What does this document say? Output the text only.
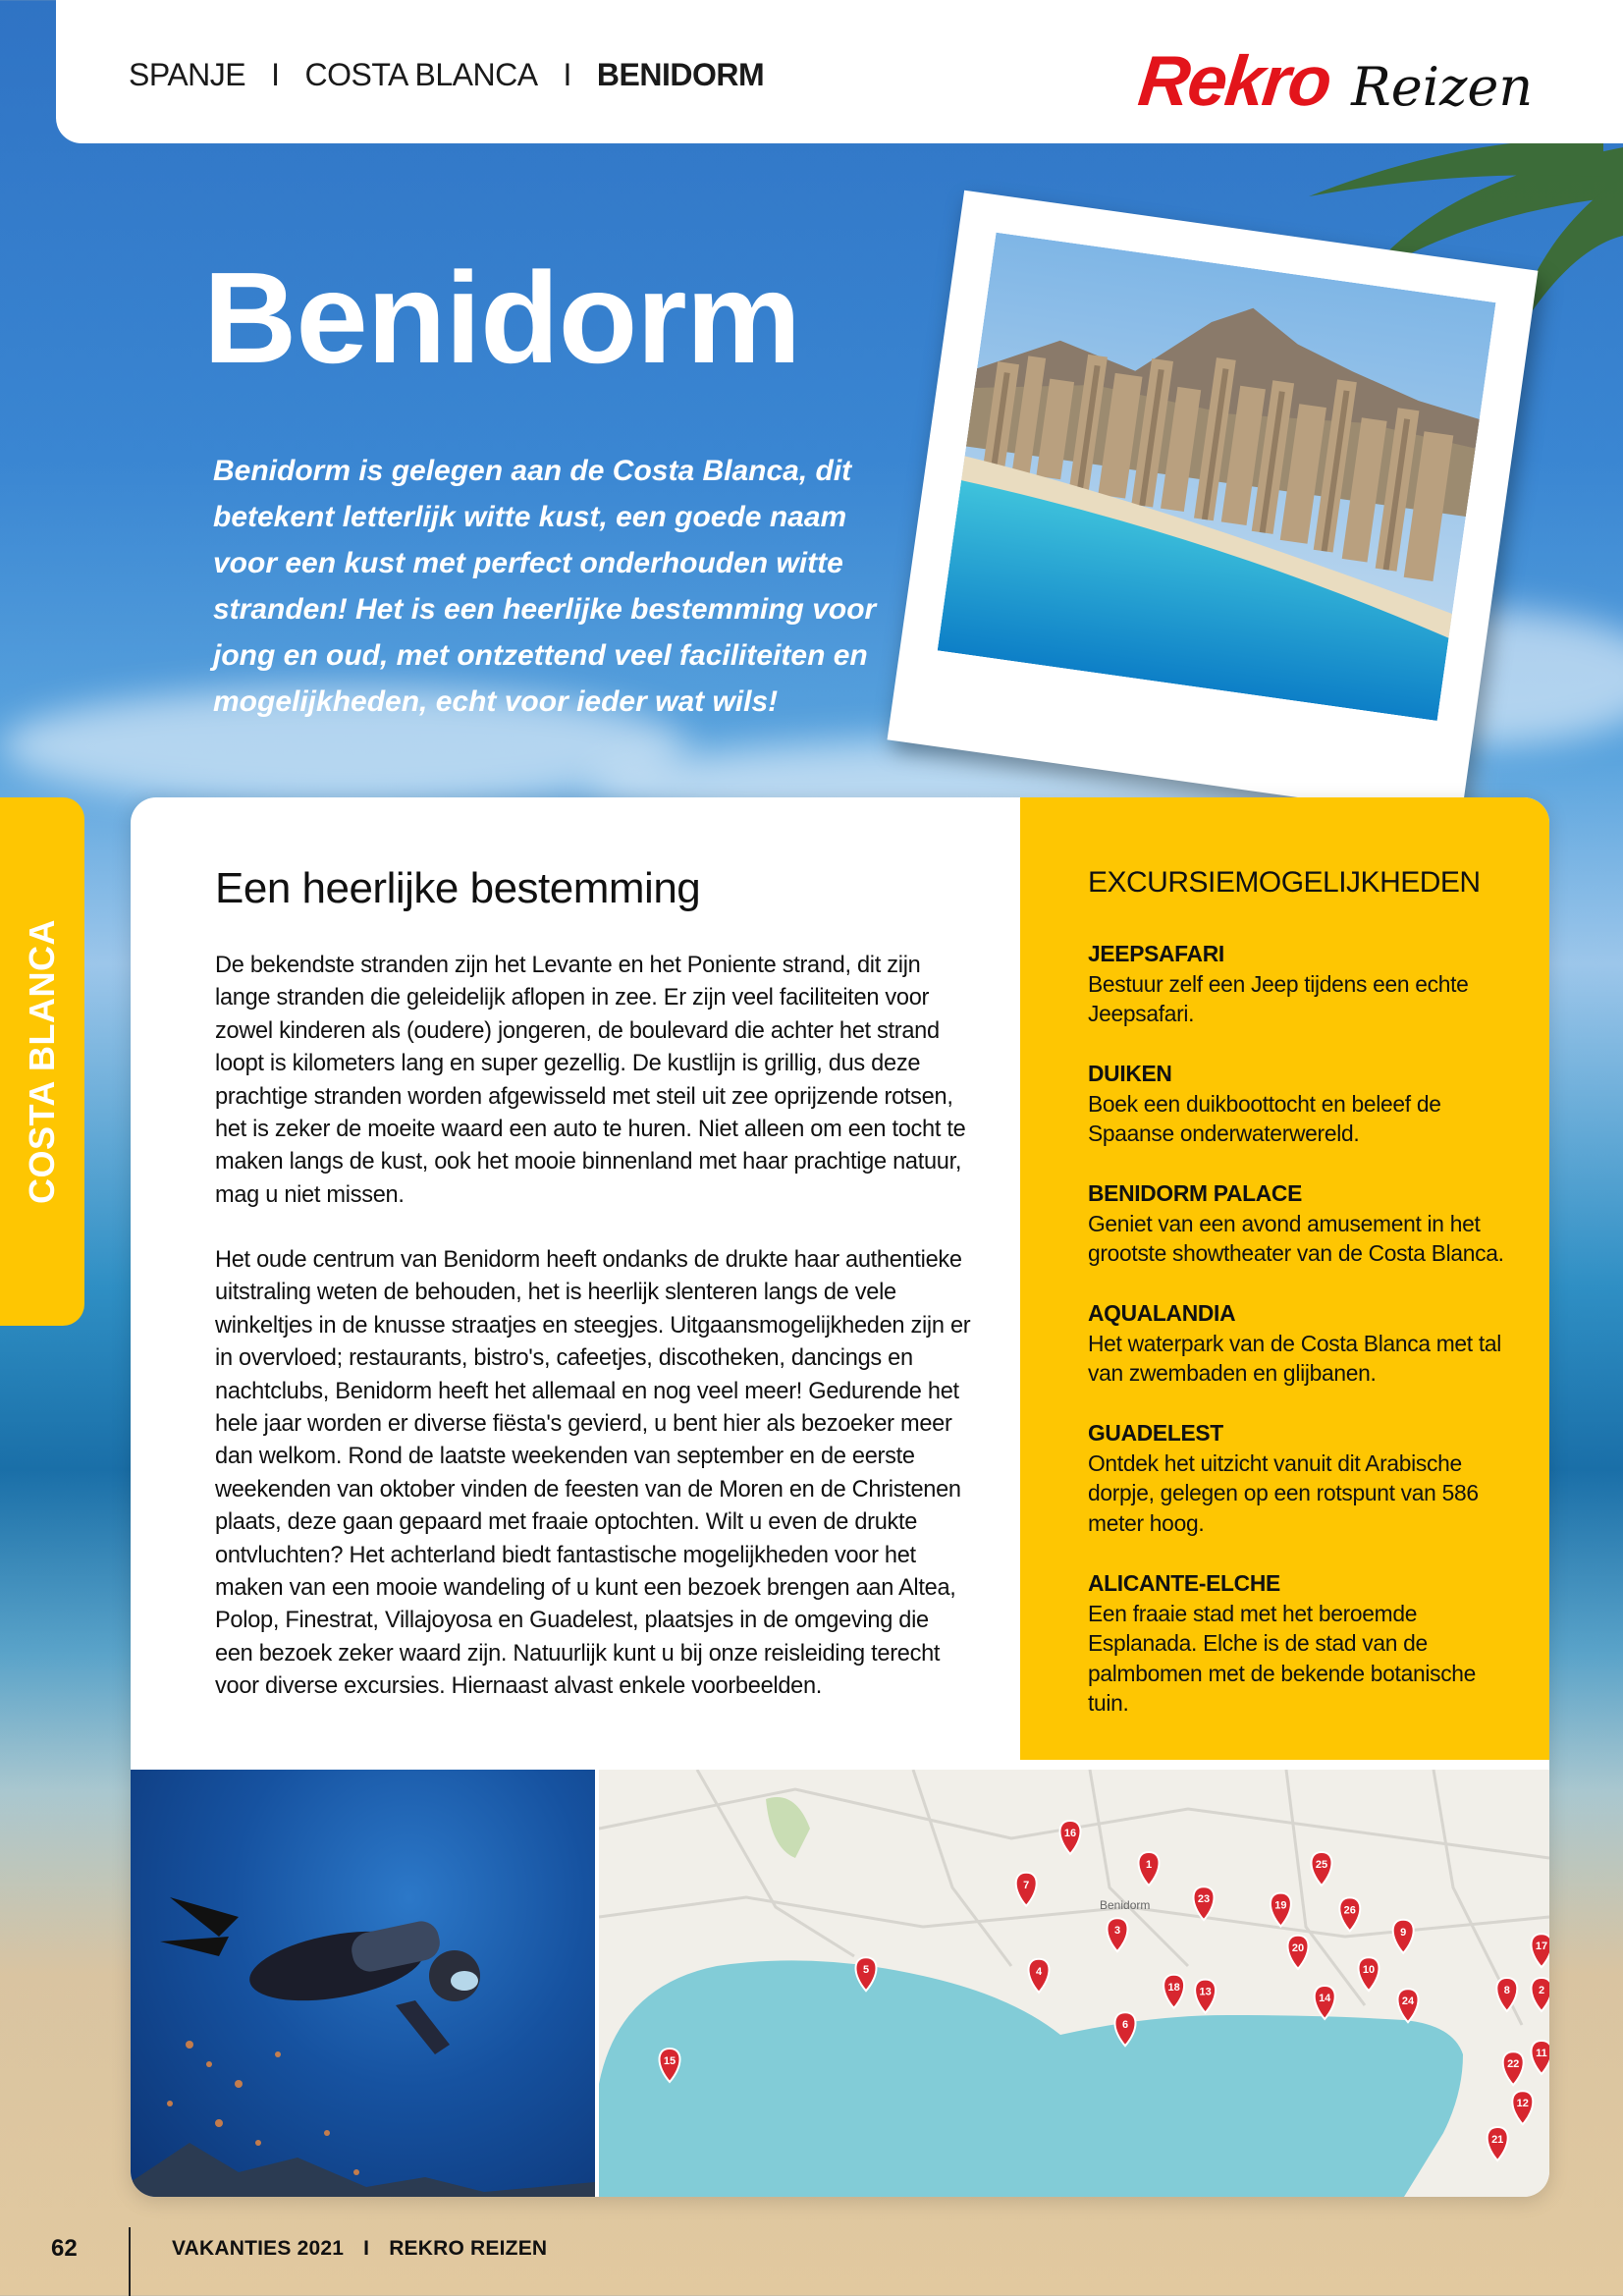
SPANJE I COSTA BLANCA I BENIDORM	Rekro Reizen
Benidorm
Benidorm is gelegen aan de Costa Blanca, dit betekent letterlijk witte kust, een goede naam voor een kust met perfect onderhouden witte stranden! Het is een heerlijke bestemming voor jong en oud, met ontzettend veel faciliteiten en mogelijkheden, echt voor ieder wat wils!
COSTA BLANCA
Een heerlijke bestemming

De bekendste stranden zijn het Levante en het Poniente strand, dit zijn lange stranden die geleidelijk aflopen in zee. Er zijn veel faciliteiten voor zowel kinderen als (oudere) jongeren, de boulevard die achter het strand loopt is kilometers lang en super gezellig. De kustlijn is grillig, dus deze prachtige stranden worden afgewisseld met steil uit zee oprijzende rotsen, het is zeker de moeite waard een auto te huren. Niet alleen om een tocht te maken langs de kust, ook het mooie binnenland met haar prachtige natuur, mag u niet missen.

Het oude centrum van Benidorm heeft ondanks de drukte haar authentieke uitstraling weten de behouden, het is heerlijk slenteren langs de vele winkeltjes in de knusse straatjes en steegjes. Uitgaansmogelijkheden zijn er in overvloed; restaurants, bistro's, cafeetjes, discotheken, dancings en nachtclubs, Benidorm heeft het allemaal en nog veel meer! Gedurende het hele jaar worden er diverse fiësta's gevierd, u bent hier als bezoeker meer dan welkom. Rond de laatste weekenden van september en de eerste weekenden van oktober vinden de feesten van de Moren en de Christenen plaats, deze gaan gepaard met fraaie optochten. Wilt u even de drukte ontvluchten? Het achterland biedt fantastische mogelijkheden voor het maken van een mooie wandeling of u kunt een bezoek brengen aan Altea, Polop, Finestrat, Villajoyosa en Guadelest, plaatsjes in de omgeving die een bezoek zeker waard zijn. Natuurlijk kunt u bij onze reisleiding terecht voor diverse excursies. Hiernaast alvast enkele voorbeelden.

EXCURSIEMOGELIJKHEDEN
JEEPSAFARI
Bestuur zelf een Jeep tijdens een echte Jeepsafari.
DUIKEN
Boek een duikboottocht en beleef de Spaanse onderwaterwereld.
BENIDORM PALACE
Geniet van een avond amusement in het grootste showtheater van de Costa Blanca.
AQUALANDIA
Het waterpark van de Costa Blanca met tal van zwembaden en glijbanen.
GUADELEST
Ontdek het uitzicht vanuit dit Arabische dorpje, gelegen op een rotspunt van 586 meter hoog.
ALICANTE-ELCHE
Een fraaie stad met het beroemde Esplanada. Elche is de stad van de palmbomen met de bekende botanische tuin.
Benidorm
1
2
3
4
5
6
7
8
9
10
11
12
13
14
15
16
17
18
19
20
21
22
23
24
25
26
62	VAKANTIES 2021 I REKRO REIZEN
